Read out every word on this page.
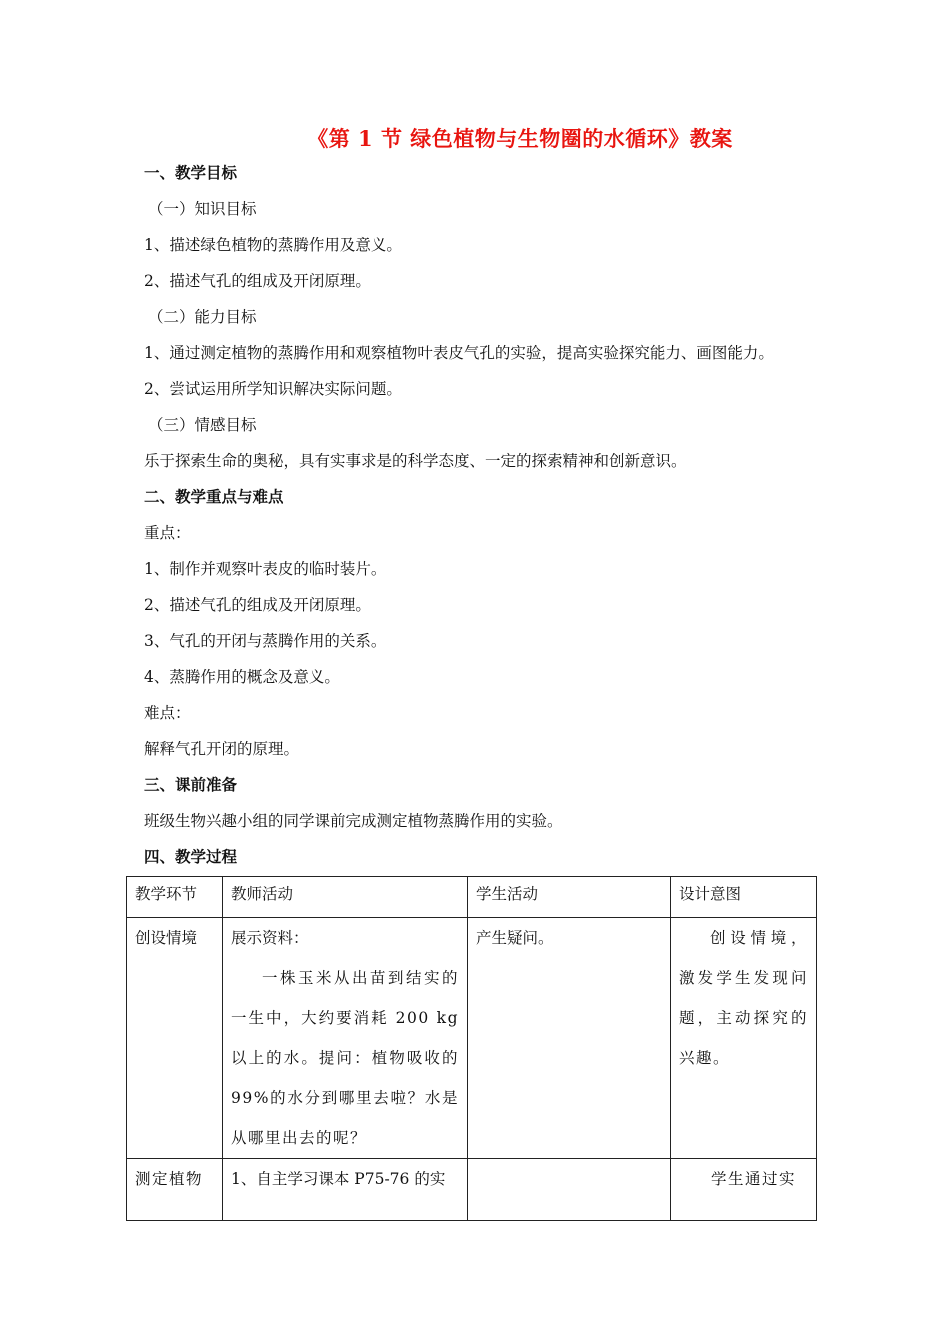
《第 1 节 绿色植物与生物圈的水循环》教案
一、教学目标
（一）知识目标
1、描述绿色植物的蒸腾作用及意义。
2、描述气孔的组成及开闭原理。
（二）能力目标
1、通过测定植物的蒸腾作用和观察植物叶表皮气孔的实验，提高实验探究能力、画图能力。
2、尝试运用所学知识解决实际问题。
（三）情感目标
乐于探索生命的奥秘，具有实事求是的科学态度、一定的探索精神和创新意识。
二、教学重点与难点
重点：
1、制作并观察叶表皮的临时装片。
2、描述气孔的组成及开闭原理。
3、气孔的开闭与蒸腾作用的关系。
4、蒸腾作用的概念及意义。
难点：
解释气孔开闭的原理。
三、课前准备
班级生物兴趣小组的同学课前完成测定植物蒸腾作用的实验。
四、教学过程
教学环节	教师活动	学生活动	设计意图
创设情境	展示资料：
一株玉米从出苗到结实的一生中，大约要消耗 200 kg 以上的水。提问：植物吸收的 99%的水分到哪里去啦？水是从哪里出去的呢？	产生疑问。	创设情境，激发学生发现问题，主动探究的兴趣。
测定植物	1、自主学习课本 P75-76 的实		学生通过实
